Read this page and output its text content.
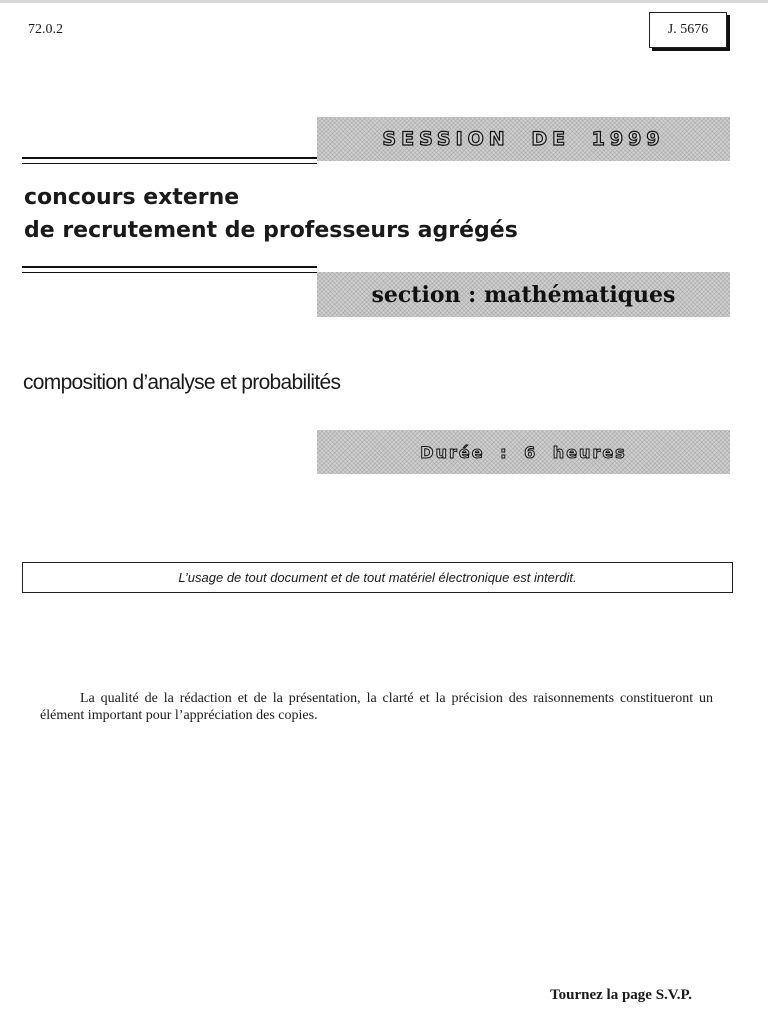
72.0.2	J. 5676
SESSION DE 1999
concours externe
de recrutement de professeurs agrégés
section : mathématiques
composition d’analyse et probabilités
Durée : 6 heures
L’usage de tout document et de tout matériel électronique est interdit.
La qualité de la rédaction et de la présentation, la clarté et la précision des raisonnements constitueront un élément important pour l’appréciation des copies.
Tournez la page S.V.P.
